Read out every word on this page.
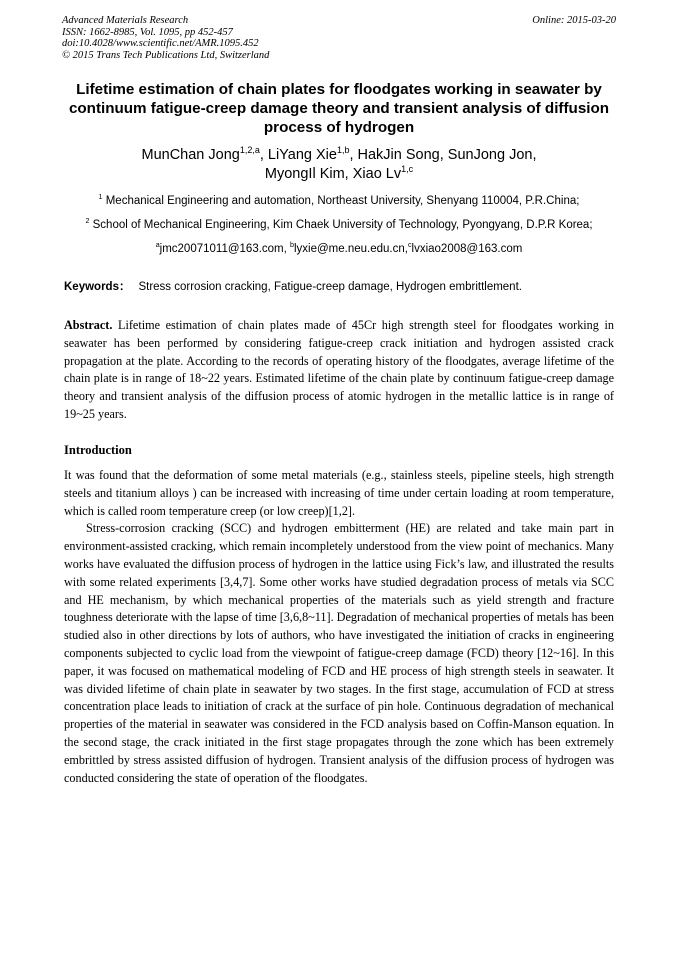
Advanced Materials Research
ISSN: 1662-8985, Vol. 1095, pp 452-457
doi:10.4028/www.scientific.net/AMR.1095.452
© 2015 Trans Tech Publications Ltd, Switzerland
Online: 2015-03-20
Lifetime estimation of chain plates for floodgates working in seawater by continuum fatigue-creep damage theory and transient analysis of diffusion process of hydrogen
MunChan Jong$^{1,2,a}$, LiYang Xie$^{1,b}$, HakJin Song, SunJong Jon,
MyongIl Kim, Xiao Lv$^{1,c}$
$^1$ Mechanical Engineering and automation, Northeast University, Shenyang 110004, P.R.China;
$^2$ School of Mechanical Engineering, Kim Chaek University of Technology, Pyongyang, D.P.R Korea;
$^a$jmc20071011@163.com, $^b$lyxie@me.neu.edu.cn,$^c$lvxiao2008@163.com
Keywords： Stress corrosion cracking, Fatigue-creep damage, Hydrogen embrittlement.
Abstract. Lifetime estimation of chain plates made of 45Cr high strength steel for floodgates working in seawater has been performed by considering fatigue-creep crack initiation and hydrogen assisted crack propagation at the plate. According to the records of operating history of the floodgates, average lifetime of the chain plate is in range of 18~22 years. Estimated lifetime of the chain plate by continuum fatigue-creep damage theory and transient analysis of the diffusion process of atomic hydrogen in the metallic lattice is in range of 19~25 years.
Introduction

It was found that the deformation of some metal materials (e.g., stainless steels, pipeline steels, high strength steels and titanium alloys ) can be increased with increasing of time under certain loading at room temperature, which is called room temperature creep (or low creep)[1,2].

Stress-corrosion cracking (SCC) and hydrogen embitterment (HE) are related and take main part in environment-assisted cracking, which remain incompletely understood from the view point of mechanics. Many works have evaluated the diffusion process of hydrogen in the lattice using Fick’s law, and illustrated the results with some related experiments [3,4,7]. Some other works have studied degradation process of metals via SCC and HE mechanism, by which mechanical properties of the materials such as yield strength and fracture toughness deteriorate with the lapse of time [3,6,8~11]. Degradation of mechanical properties of metals has been studied also in other directions by lots of authors, who have investigated the initiation of cracks in engineering components subjected to cyclic load from the viewpoint of fatigue-creep damage (FCD) theory [12~16]. In this paper, it was focused on mathematical modeling of FCD and HE process of high strength steels in seawater. It was divided lifetime of chain plate in seawater by two stages. In the first stage, accumulation of FCD at stress concentration place leads to initiation of crack at the surface of pin hole. Continuous degradation of mechanical properties of the material in seawater was considered in the FCD analysis based on Coffin-Manson equation. In the second stage, the crack initiated in the first stage propagates through the zone which has been extremely embrittled by stress assisted diffusion of hydrogen. Transient analysis of the diffusion process of hydrogen was conducted considering the state of operation of the floodgates.
